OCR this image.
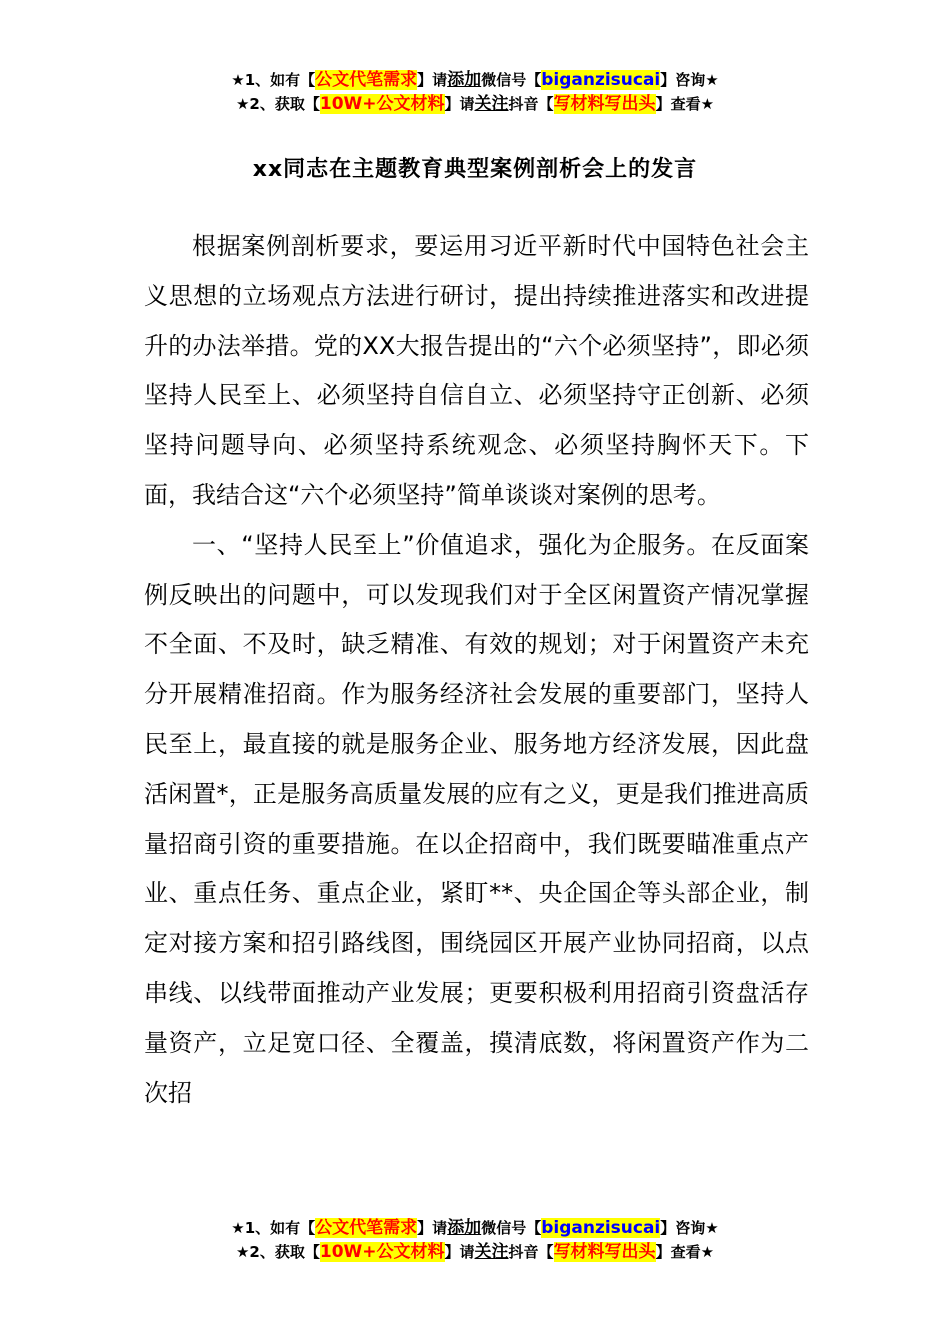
★1、如有【公文代笔需求】请添加微信号【biganzisucai】咨询★
★2、获取【10W+公文材料】请关注抖音【写材料写出头】查看★
xx同志在主题教育典型案例剖析会上的发言

根据案例剖析要求，要运用习近平新时代中国特色社会主义思想的立场观点方法进行研讨，提出持续推进落实和改进提升的办法举措。党的XX大报告提出的“六个必须坚持”，即必须坚持人民至上、必须坚持自信自立、必须坚持守正创新、必须坚持问题导向、必须坚持系统观念、必须坚持胸怀天下。下面，我结合这“六个必须坚持”简单谈谈对案例的思考。

一、“坚持人民至上”价值追求，强化为企服务。在反面案例反映出的问题中，可以发现我们对于全区闲置资产情况掌握不全面、不及时，缺乏精准、有效的规划；对于闲置资产未充分开展精准招商。作为服务经济社会发展的重要部门，坚持人民至上，最直接的就是服务企业、服务地方经济发展，因此盘活闲置*，正是服务高质量发展的应有之义，更是我们推进高质量招商引资的重要措施。在以企招商中，我们既要瞄准重点产业、重点任务、重点企业，紧盯**、央企国企等头部企业，制定对接方案和招引路线图，围绕园区开展产业协同招商，以点串线、以线带面推动产业发展；更要积极利用招商引资盘活存量资产，立足宽口径、全覆盖，摸清底数，将闲置资产作为二次招

★1、如有【公文代笔需求】请添加微信号【biganzisucai】咨询★
★2、获取【10W+公文材料】请关注抖音【写材料写出头】查看★
